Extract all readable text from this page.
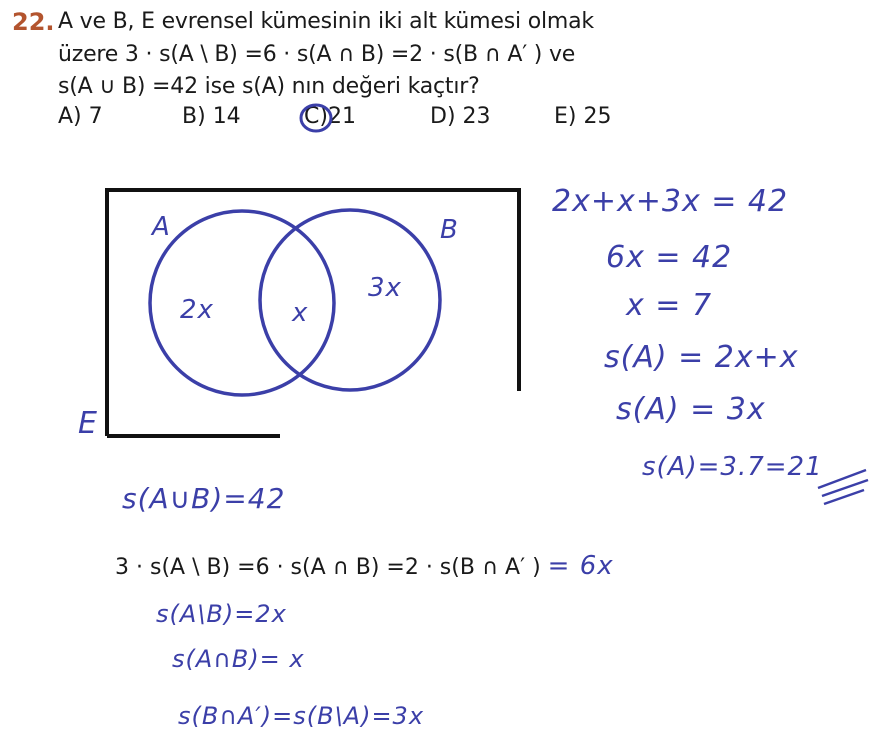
22. A ve B, E evrensel kümesinin iki alt kümesi olmak
üzere 3 · s(A \ B) =6 · s(A ∩ B) =2 · s(B ∩ A′ ) ve
s(A ∪ B) =42 ise s(A) nın değeri kaçtır?
A) 7	B) 14	C)21	D) 23	E) 25
A	B
E
2x	x
3x
2x+x+3x = 42
6x = 42
x = 7
s(A) = 2x+x
s(A) = 3x
s(A)=3.7=21
s(A∪B)=42
3 · s(A \ B) =6 · s(A ∩ B) =2 · s(B ∩ A′ ) = 6x
s(A\B)=2x
s(A∩B)= x
s(B∩A′)=s(B\A)=3x
